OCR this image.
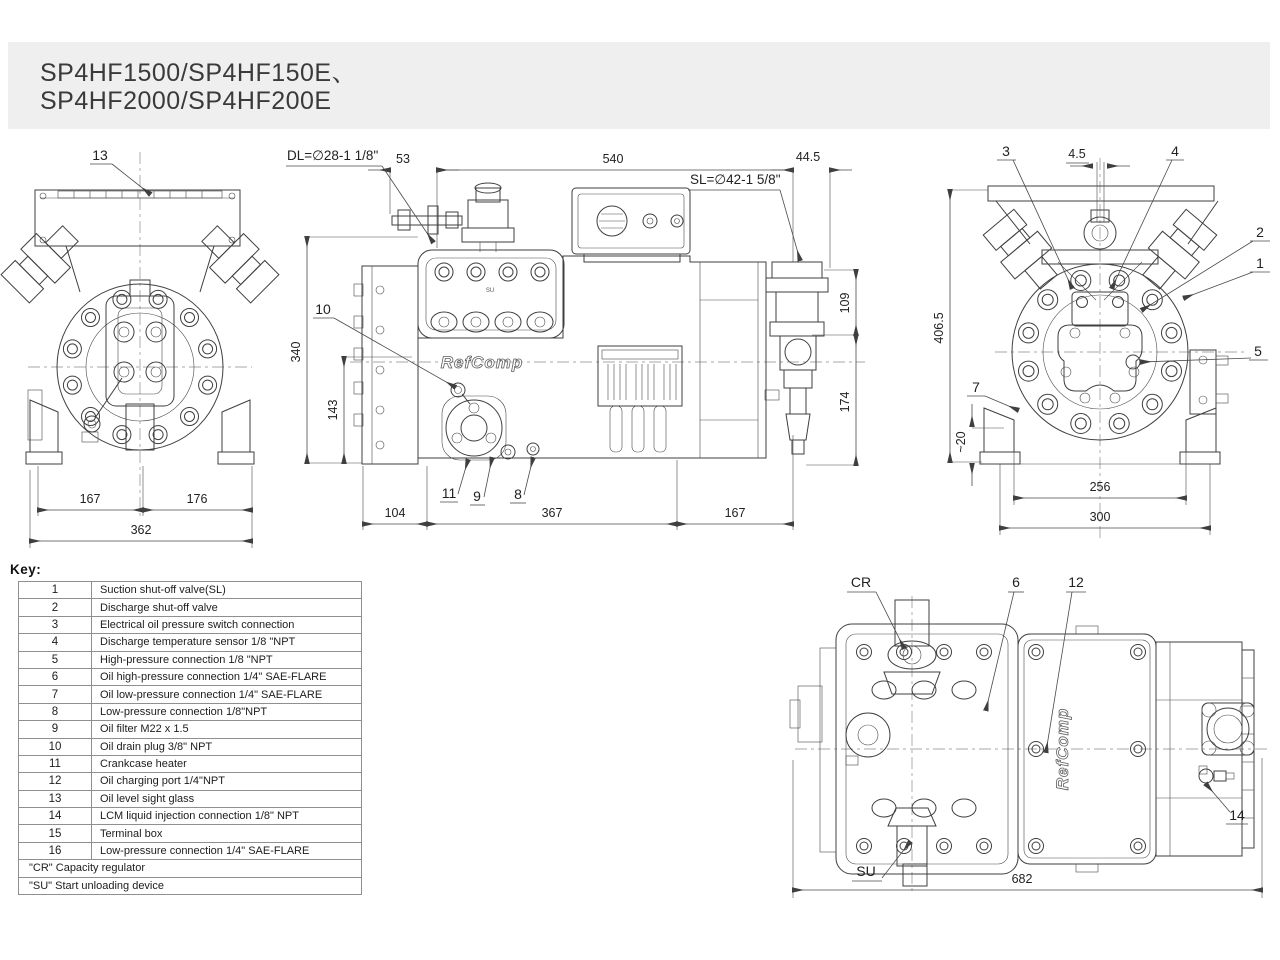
SP4HF1500/SP4HF150E、
SP4HF2000/SP4HF200E
13
167	176
362
SU
RefComp
DL=∅28-1 1/8"
SL=∅42-1 5/8"
53	540	44.5
340
143
109
174
10
11 9 8
104	367	167
3	4.5	4
2
1
5
7
406.5
~20
256
300
RefComp
CR	6	12
SU
14
682
Key:
1	Suction shut-off valve(SL)
2	Discharge shut-off valve
3	Electrical oil pressure switch connection
4	Discharge temperature sensor 1/8 "NPT
5	High-pressure connection 1/8 "NPT
6	Oil high-pressure connection 1/4" SAE-FLARE
7	Oil low-pressure connection 1/4" SAE-FLARE
8	Low-pressure connection 1/8"NPT
9	Oil filter M22 x 1.5
10	Oil drain plug 3/8" NPT
11	Crankcase heater
12	Oil charging port 1/4"NPT
13	Oil level sight glass
14	LCM liquid injection connection 1/8" NPT
15	Terminal box
16	Low-pressure connection 1/4" SAE-FLARE
"CR" Capacity regulator	
"SU" Start unloading device	
